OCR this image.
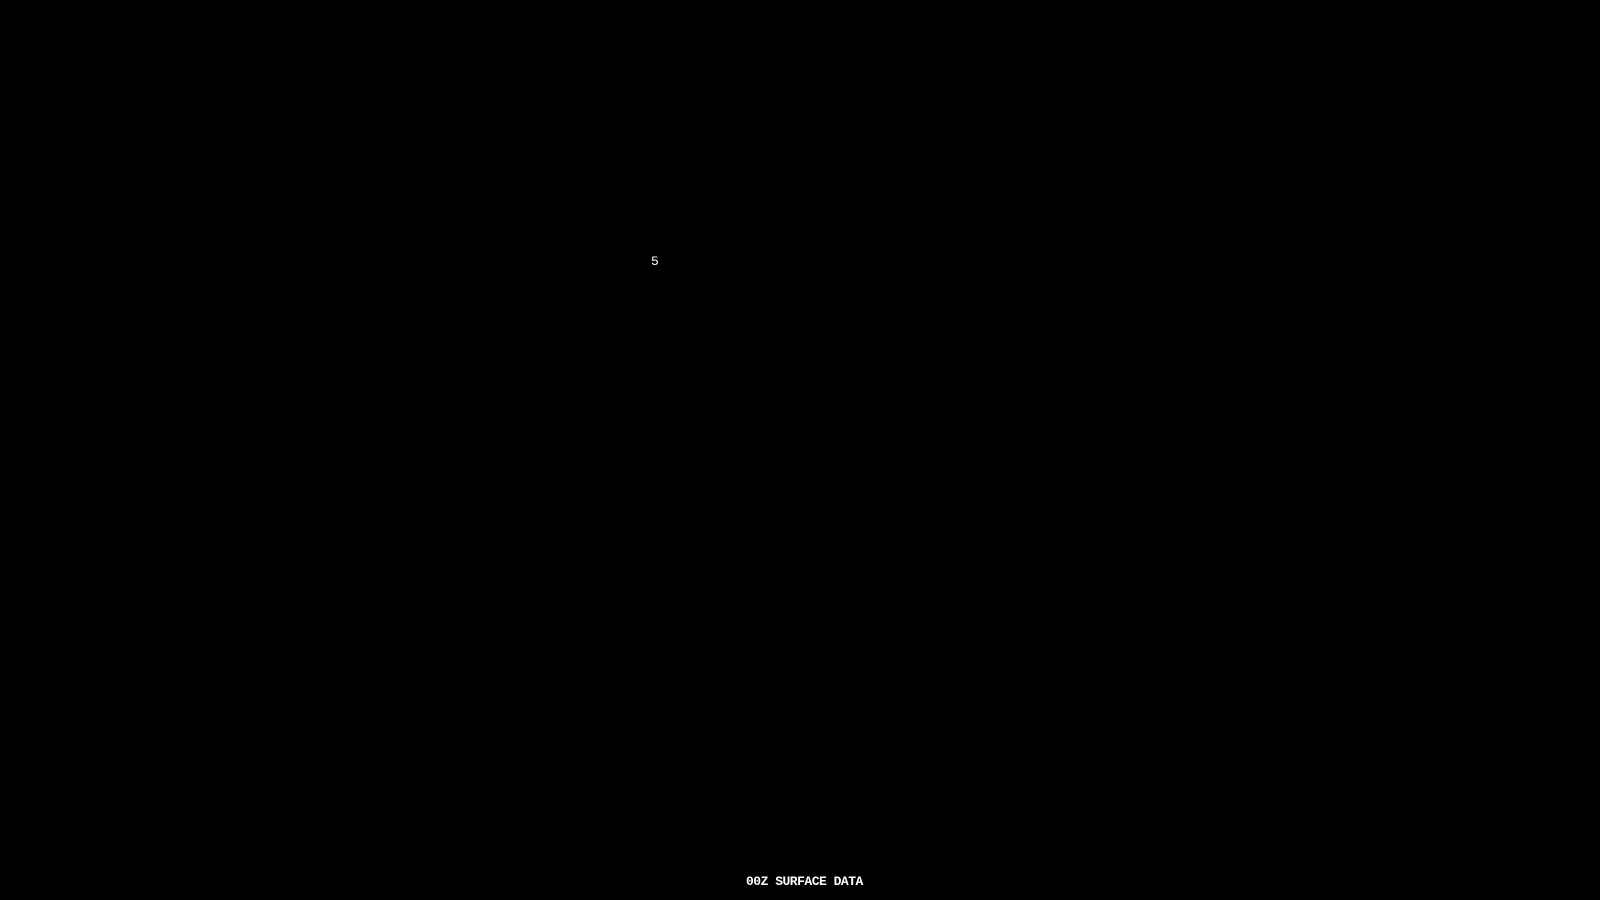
5
00Z SURFACE DATA
